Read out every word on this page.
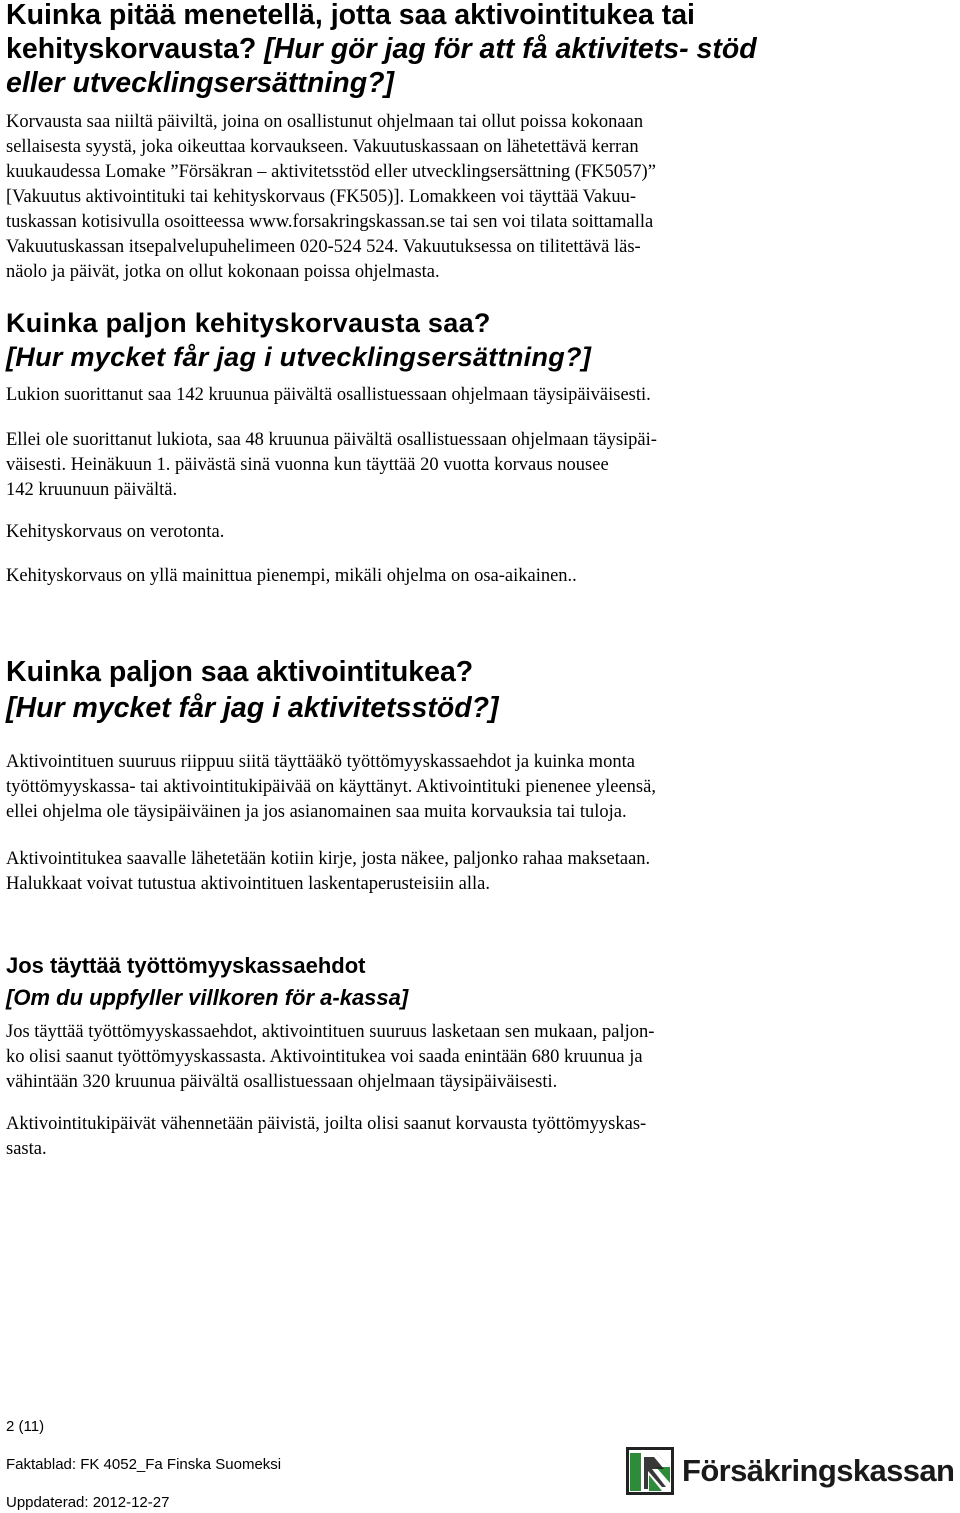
Kuinka pitää menetellä, jotta saa aktivointitukea tai kehityskorvausta? [Hur gör jag för att få aktivitets- stöd eller utvecklingsersättning?]

Korvausta saa niiltä päiviltä, joina on osallistunut ohjelmaan tai ollut poissa kokonaan
sellaisesta syystä, joka oikeuttaa korvaukseen. Vakuutuskassaan on lähetettävä kerran
kuukaudessa Lomake ”Försäkran – aktivitetsstöd eller utvecklingsersättning (FK5057)”
[Vakuutus aktivointituki tai kehityskorvaus (FK505)]. Lomakkeen voi täyttää Vakuu-
tuskassan kotisivulla osoitteessa www.forsakringskassan.se tai sen voi tilata soittamalla
Vakuutuskassan itsepalvelupuhelimeen 020-524 524. Vakuutuksessa on tilitettävä läs-
näolo ja päivät, jotka on ollut kokonaan poissa ohjelmasta.

Kuinka paljon kehityskorvausta saa?
[Hur mycket får jag i utvecklingsersättning?]

Lukion suorittanut saa 142 kruunua päivältä osallistuessaan ohjelmaan täysipäiväisesti.

Ellei ole suorittanut lukiota, saa 48 kruunua päivältä osallistuessaan ohjelmaan täysipäi-
väisesti. Heinäkuun 1. päivästä sinä vuonna kun täyttää 20 vuotta korvaus nousee
142 kruunuun päivältä.

Kehityskorvaus on verotonta.

Kehityskorvaus on yllä mainittua pienempi, mikäli ohjelma on osa-aikainen..

Kuinka paljon saa aktivointitukea?
[Hur mycket får jag i aktivitetsstöd?]

Aktivointituen suuruus riippuu siitä täyttääkö työttömyyskassaehdot ja kuinka monta
työttömyyskassa- tai aktivointitukipäivää on käyttänyt. Aktivointituki pienenee yleensä,
ellei ohjelma ole täysipäiväinen ja jos asianomainen saa muita korvauksia tai tuloja.

Aktivointitukea saavalle lähetetään kotiin kirje, josta näkee, paljonko rahaa maksetaan.
Halukkaat voivat tutustua aktivointituen laskentaperusteisiin alla.

Jos täyttää työttömyyskassaehdot
[Om du uppfyller villkoren för a-kassa]

Jos täyttää työttömyyskassaehdot, aktivointituen suuruus lasketaan sen mukaan, paljon-
ko olisi saanut työttömyyskassasta. Aktivointitukea voi saada enintään 680 kruunua ja
vähintään 320 kruunua päivältä osallistuessaan ohjelmaan täysipäiväisesti.

Aktivointitukipäivät vähennetään päivistä, joilta olisi saanut korvausta työttömyyskas-
sasta.

2 (11)

Faktablad: FK 4052_Fa Finska Suomeksi

Uppdaterad: 2012-12-27

Försäkringskassan
